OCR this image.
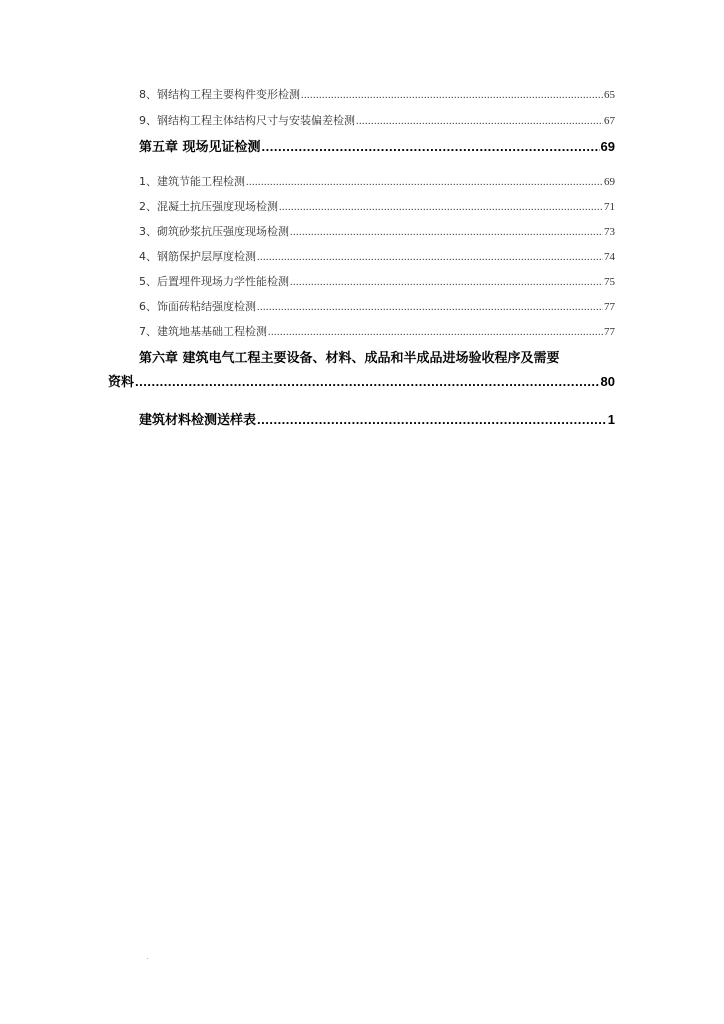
8、钢结构工程主要构件变形检测 .....	65
9、钢结构工程主体结构尺寸与安装偏差检测 .....	67
第五章 现场见证检测 .....	69
1、建筑节能工程检测 .....	69
2、混凝土抗压强度现场检测 .....	71
3、砌筑砂浆抗压强度现场检测 .....	73
4、钢筋保护层厚度检测 .....	74
5、后置埋件现场力学性能检测 .....	75
6、饰面砖粘结强度检测 .....	77
7、建筑地基基础工程检测 .....	77
第六章 建筑电气工程主要设备、材料、成品和半成品进场验收程序及需要
资料 .....	80
建筑材料检测送样表 .....	1
.
